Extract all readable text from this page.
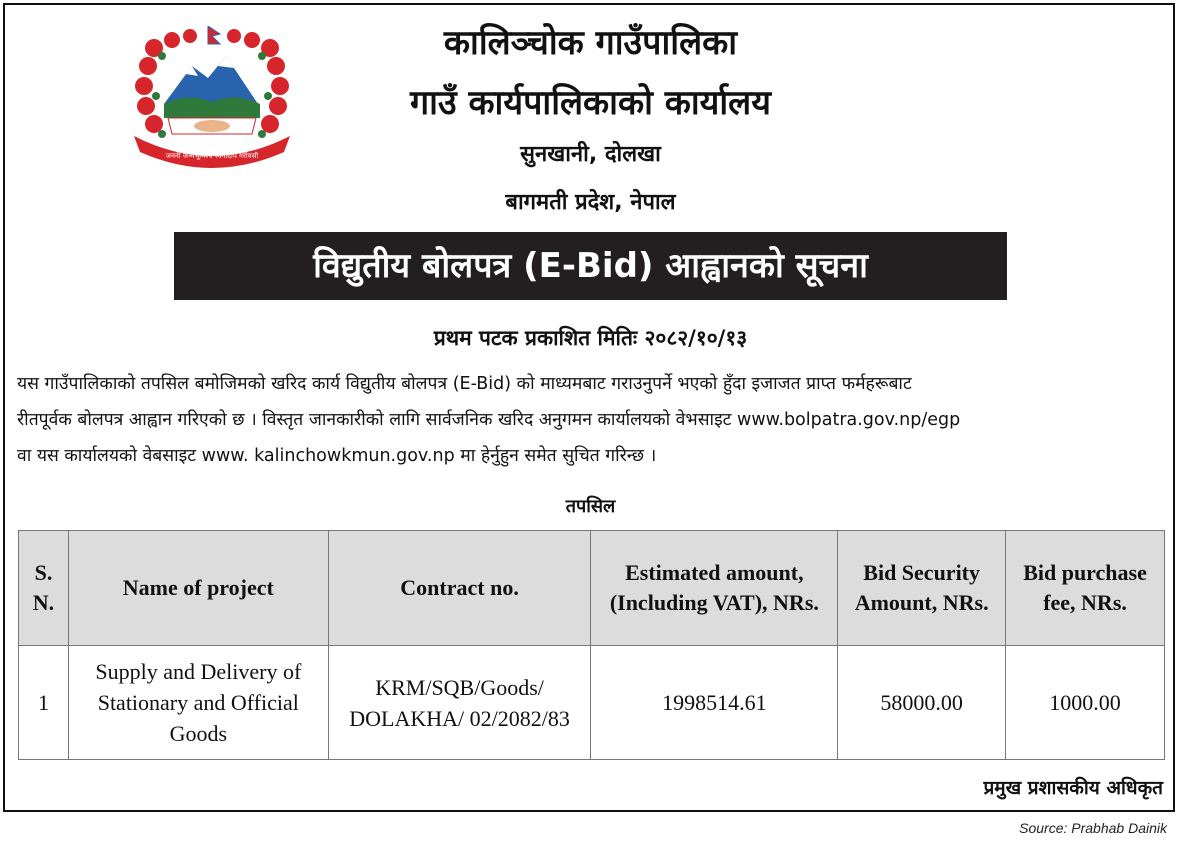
जननी जन्मभूमिश्च स्वर्गादपि गरीयसी
कालिञ्चोक गाउँपालिका
गाउँ कार्यपालिकाको कार्यालय
सुनखानी, दोलखा
बागमती प्रदेश, नेपाल
विद्युतीय बोलपत्र (E-Bid) आह्वानको सूचना
प्रथम पटक प्रकाशित मितिः २०८२/१०/१३
यस गाउँपालिकाको तपसिल बमोजिमको खरिद कार्य विद्युतीय बोलपत्र (E-Bid) को माध्यमबाट गराउनुपर्ने भएको हुँदा इजाजत प्राप्त फर्महरूबाट
रीतपूर्वक बोलपत्र आह्वान गरिएको छ । विस्तृत जानकारीको लागि सार्वजनिक खरिद अनुगमन कार्यालयको वेभसाइट www.bolpatra.gov.np/egp
वा यस कार्यालयको वेबसाइट www. kalinchowkmun.gov.np मा हेर्नुहुन समेत सुचित गरिन्छ ।
तपसिल
S. N.	Name of project	Contract no.	Estimated amount, (Including VAT), NRs.	Bid Security Amount, NRs.	Bid purchase fee, NRs.
1	Supply and Delivery of Stationary and Official Goods	KRM/SQB/Goods/ DOLAKHA/ 02/2082/83	1998514.61	58000.00	1000.00
प्रमुख प्रशासकीय अधिकृत
Source: Prabhab Dainik
